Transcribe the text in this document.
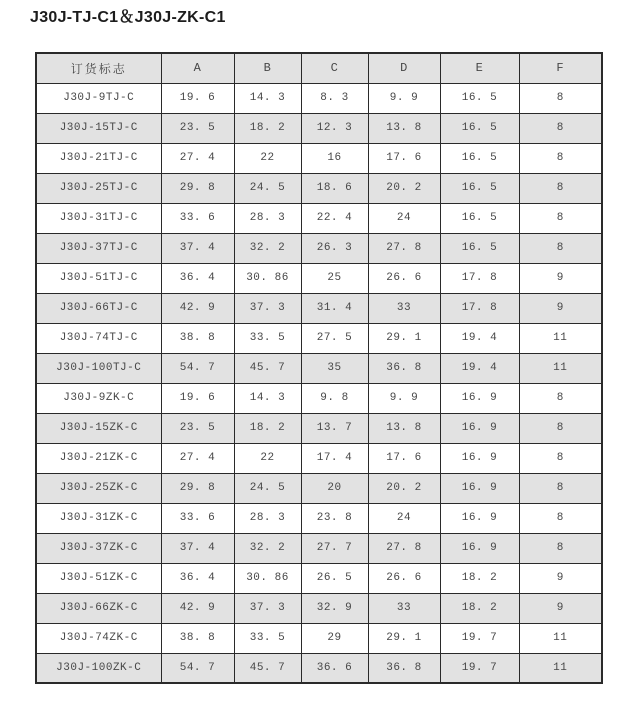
J30J-TJ-C1＆J30J-ZK-C1
订货标志	A	B	C	D	E	F
J30J-9TJ-C	19. 6	14. 3	8. 3	9. 9	16. 5	8
J30J-15TJ-C	23. 5	18. 2	12. 3	13. 8	16. 5	8
J30J-21TJ-C	27. 4	22	16	17. 6	16. 5	8
J30J-25TJ-C	29. 8	24. 5	18. 6	20. 2	16. 5	8
J30J-31TJ-C	33. 6	28. 3	22. 4	24	16. 5	8
J30J-37TJ-C	37. 4	32. 2	26. 3	27. 8	16. 5	8
J30J-51TJ-C	36. 4	30. 86	25	26. 6	17. 8	9
J30J-66TJ-C	42. 9	37. 3	31. 4	33	17. 8	9
J30J-74TJ-C	38. 8	33. 5	27. 5	29. 1	19. 4	11
J30J-100TJ-C	54. 7	45. 7	35	36. 8	19. 4	11
J30J-9ZK-C	19. 6	14. 3	9. 8	9. 9	16. 9	8
J30J-15ZK-C	23. 5	18. 2	13. 7	13. 8	16. 9	8
J30J-21ZK-C	27. 4	22	17. 4	17. 6	16. 9	8
J30J-25ZK-C	29. 8	24. 5	20	20. 2	16. 9	8
J30J-31ZK-C	33. 6	28. 3	23. 8	24	16. 9	8
J30J-37ZK-C	37. 4	32. 2	27. 7	27. 8	16. 9	8
J30J-51ZK-C	36. 4	30. 86	26. 5	26. 6	18. 2	9
J30J-66ZK-C	42. 9	37. 3	32. 9	33	18. 2	9
J30J-74ZK-C	38. 8	33. 5	29	29. 1	19. 7	11
J30J-100ZK-C	54. 7	45. 7	36. 6	36. 8	19. 7	11
